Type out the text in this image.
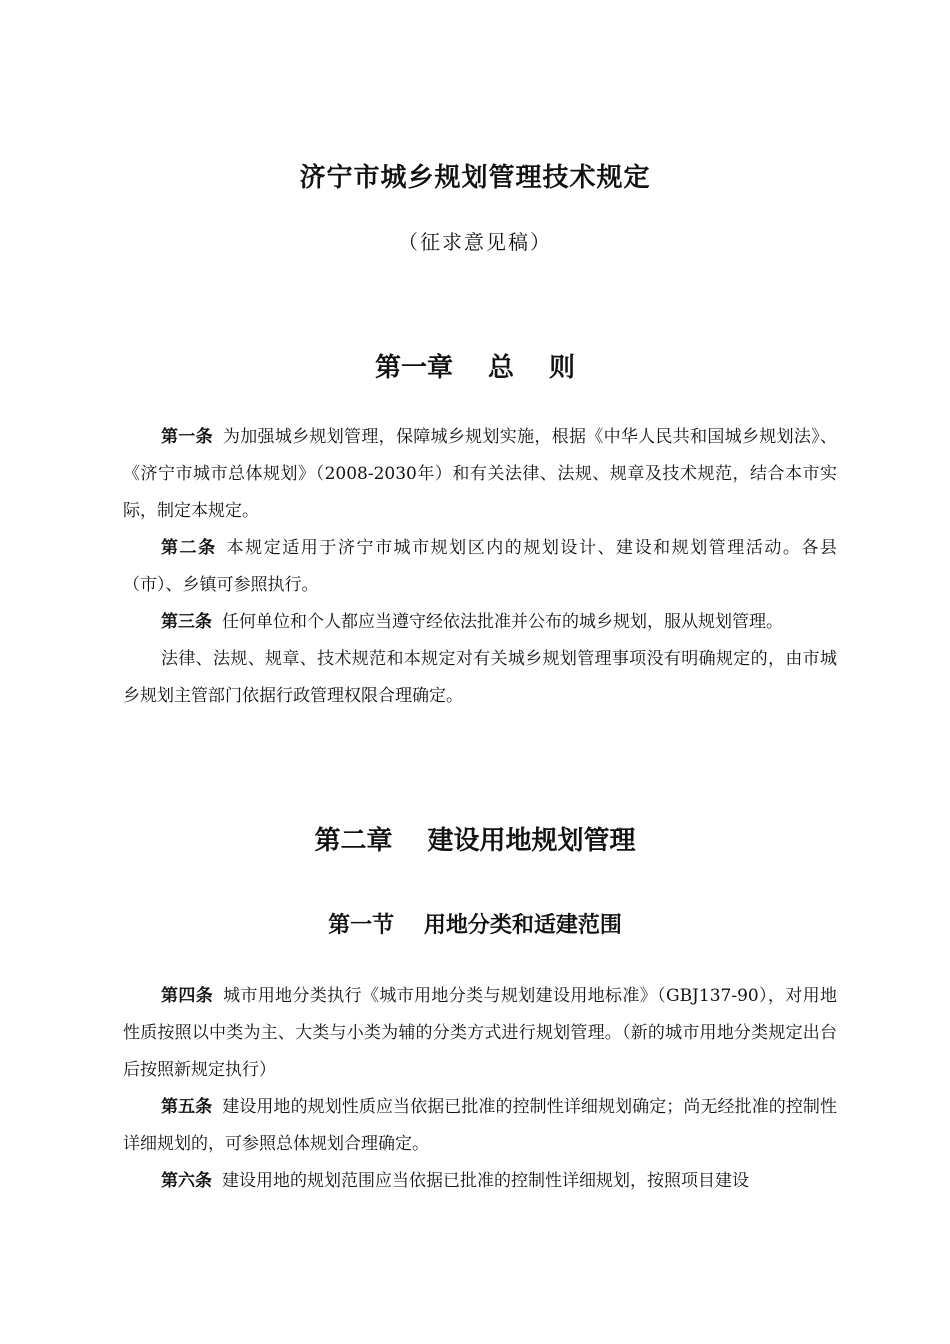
济宁市城乡规划管理技术规定
（征求意见稿）
第一章　 总　 则

第一条 为加强城乡规划管理，保障城乡规划实施，根据《中华人民共和国城乡规划法》、《济宁市城市总体规划》（2008-2030年）和有关法律、法规、规章及技术规范，结合本市实际，制定本规定。

第二条 本规定适用于济宁市城市规划区内的规划设计、建设和规划管理活动。各县（市）、乡镇可参照执行。

第三条 任何单位和个人都应当遵守经依法批准并公布的城乡规划，服从规划管理。

法律、法规、规章、技术规范和本规定对有关城乡规划管理事项没有明确规定的，由市城乡规划主管部门依据行政管理权限合理确定。

第二章　 建设用地规划管理
第一节　 用地分类和适建范围

第四条 城市用地分类执行《城市用地分类与规划建设用地标准》（GBJ137-90），对用地性质按照以中类为主、大类与小类为辅的分类方式进行规划管理。（新的城市用地分类规定出台后按照新规定执行）

第五条 建设用地的规划性质应当依据已批准的控制性详细规划确定；尚无经批准的控制性详细规划的，可参照总体规划合理确定。

第六条 建设用地的规划范围应当依据已批准的控制性详细规划，按照项目建设
